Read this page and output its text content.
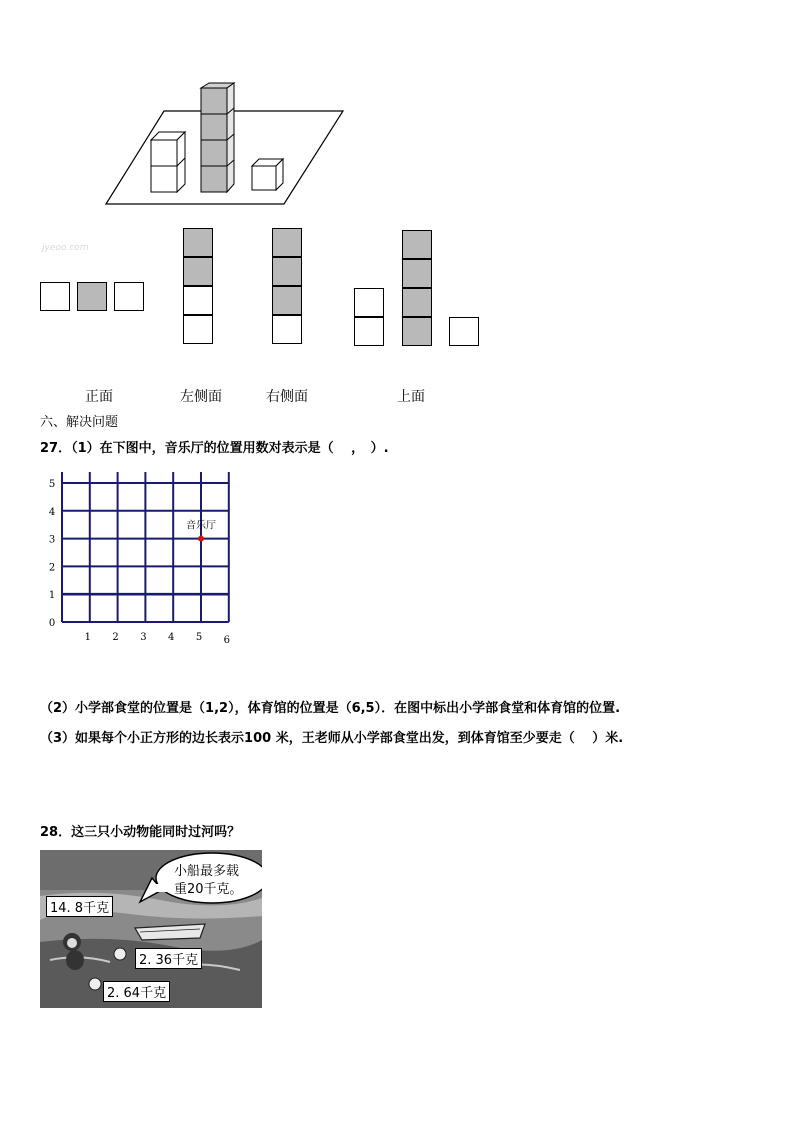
jyeoo.com
正面	左侧面	右侧面	上面
六、解决问题
27．（1）在下图中，音乐厅的位置用数对表示是（　 ，　）.
1 2 3 4 5 6
0
1
2
3
4
5
音乐厅
（2）小学部食堂的位置是（1,2），体育馆的位置是（6,5）．在图中标出小学部食堂和体育馆的位置.
（3）如果每个小正方形的边长表示100 米，王老师从小学部食堂出发，到体育馆至少要走（　 ）米.
28．这三只小动物能同时过河吗？
小船最多载
重20千克。
14. 8千克
2. 36千克
2. 64千克
